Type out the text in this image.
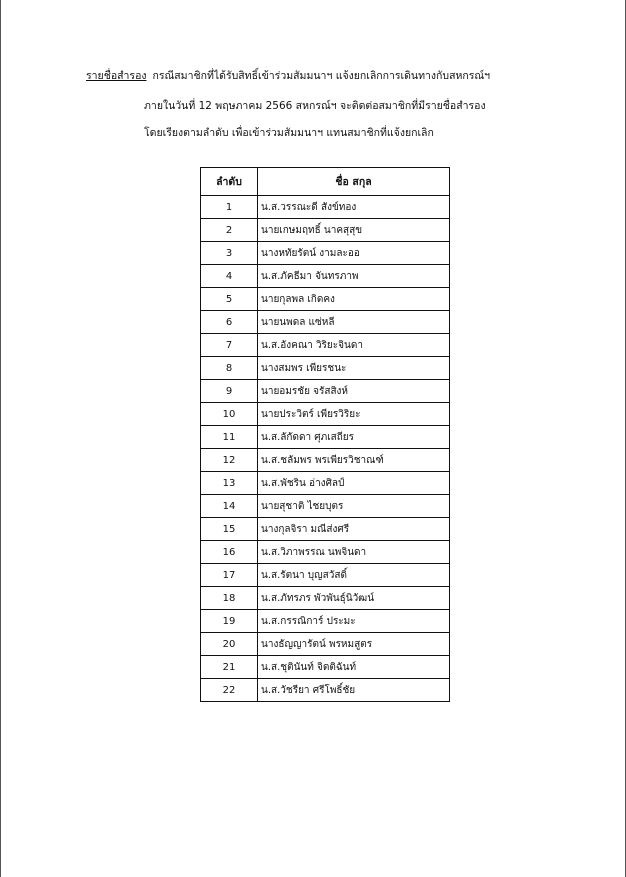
รายชื่อสำรอง กรณีสมาชิกที่ได้รับสิทธิ์เข้าร่วมสัมมนาฯ แจ้งยกเลิกการเดินทางกับสหกรณ์ฯ
ภายในวันที่ 12 พฤษภาคม 2566 สหกรณ์ฯ จะติดต่อสมาชิกที่มีรายชื่อสำรอง
โดยเรียงตามลำดับ เพื่อเข้าร่วมสัมมนาฯ แทนสมาชิกที่แจ้งยกเลิก
ลำดับ	ชื่อ สกุล
1	น.ส.วรรณะดี สังข์ทอง
2	นายเกษมฤทธิ์ นาคสุสุข
3	นางหทัยรัตน์ งามละออ
4	น.ส.ภัคธีมา จันทรภาพ
5	นายกุลพล เกิดคง
6	นายนพดล แซ่หลี
7	น.ส.อังคณา วิริยะจินดา
8	นางสมพร เพียรชนะ
9	นายอมรชัย จรัสสิงห์
10	นายประวิตร์ เพียรวิริยะ
11	น.ส.ลักัดดา ศุภเสถียร
12	น.ส.ชลัมพร พรเพียรวิชาณฑ์
13	น.ส.พัชริน อ่างศิลป์
14	นายสุชาติ ไชยบุตร
15	นางกุลจิรา มณีส่งศรี
16	น.ส.วิภาพรรณ นพจินดา
17	น.ส.รัตนา บุญสวัสดิ์
18	น.ส.ภัทรภร พัวพันธุ์นิวัฒน์
19	น.ส.กรรณิการ์ ประมะ
20	นางธัญญารัตน์ พรหมสูตร
21	น.ส.ชุตินันท์ จิตติฉันท์
22	น.ส.วัชรียา ศรีโพธิ์ชัย
